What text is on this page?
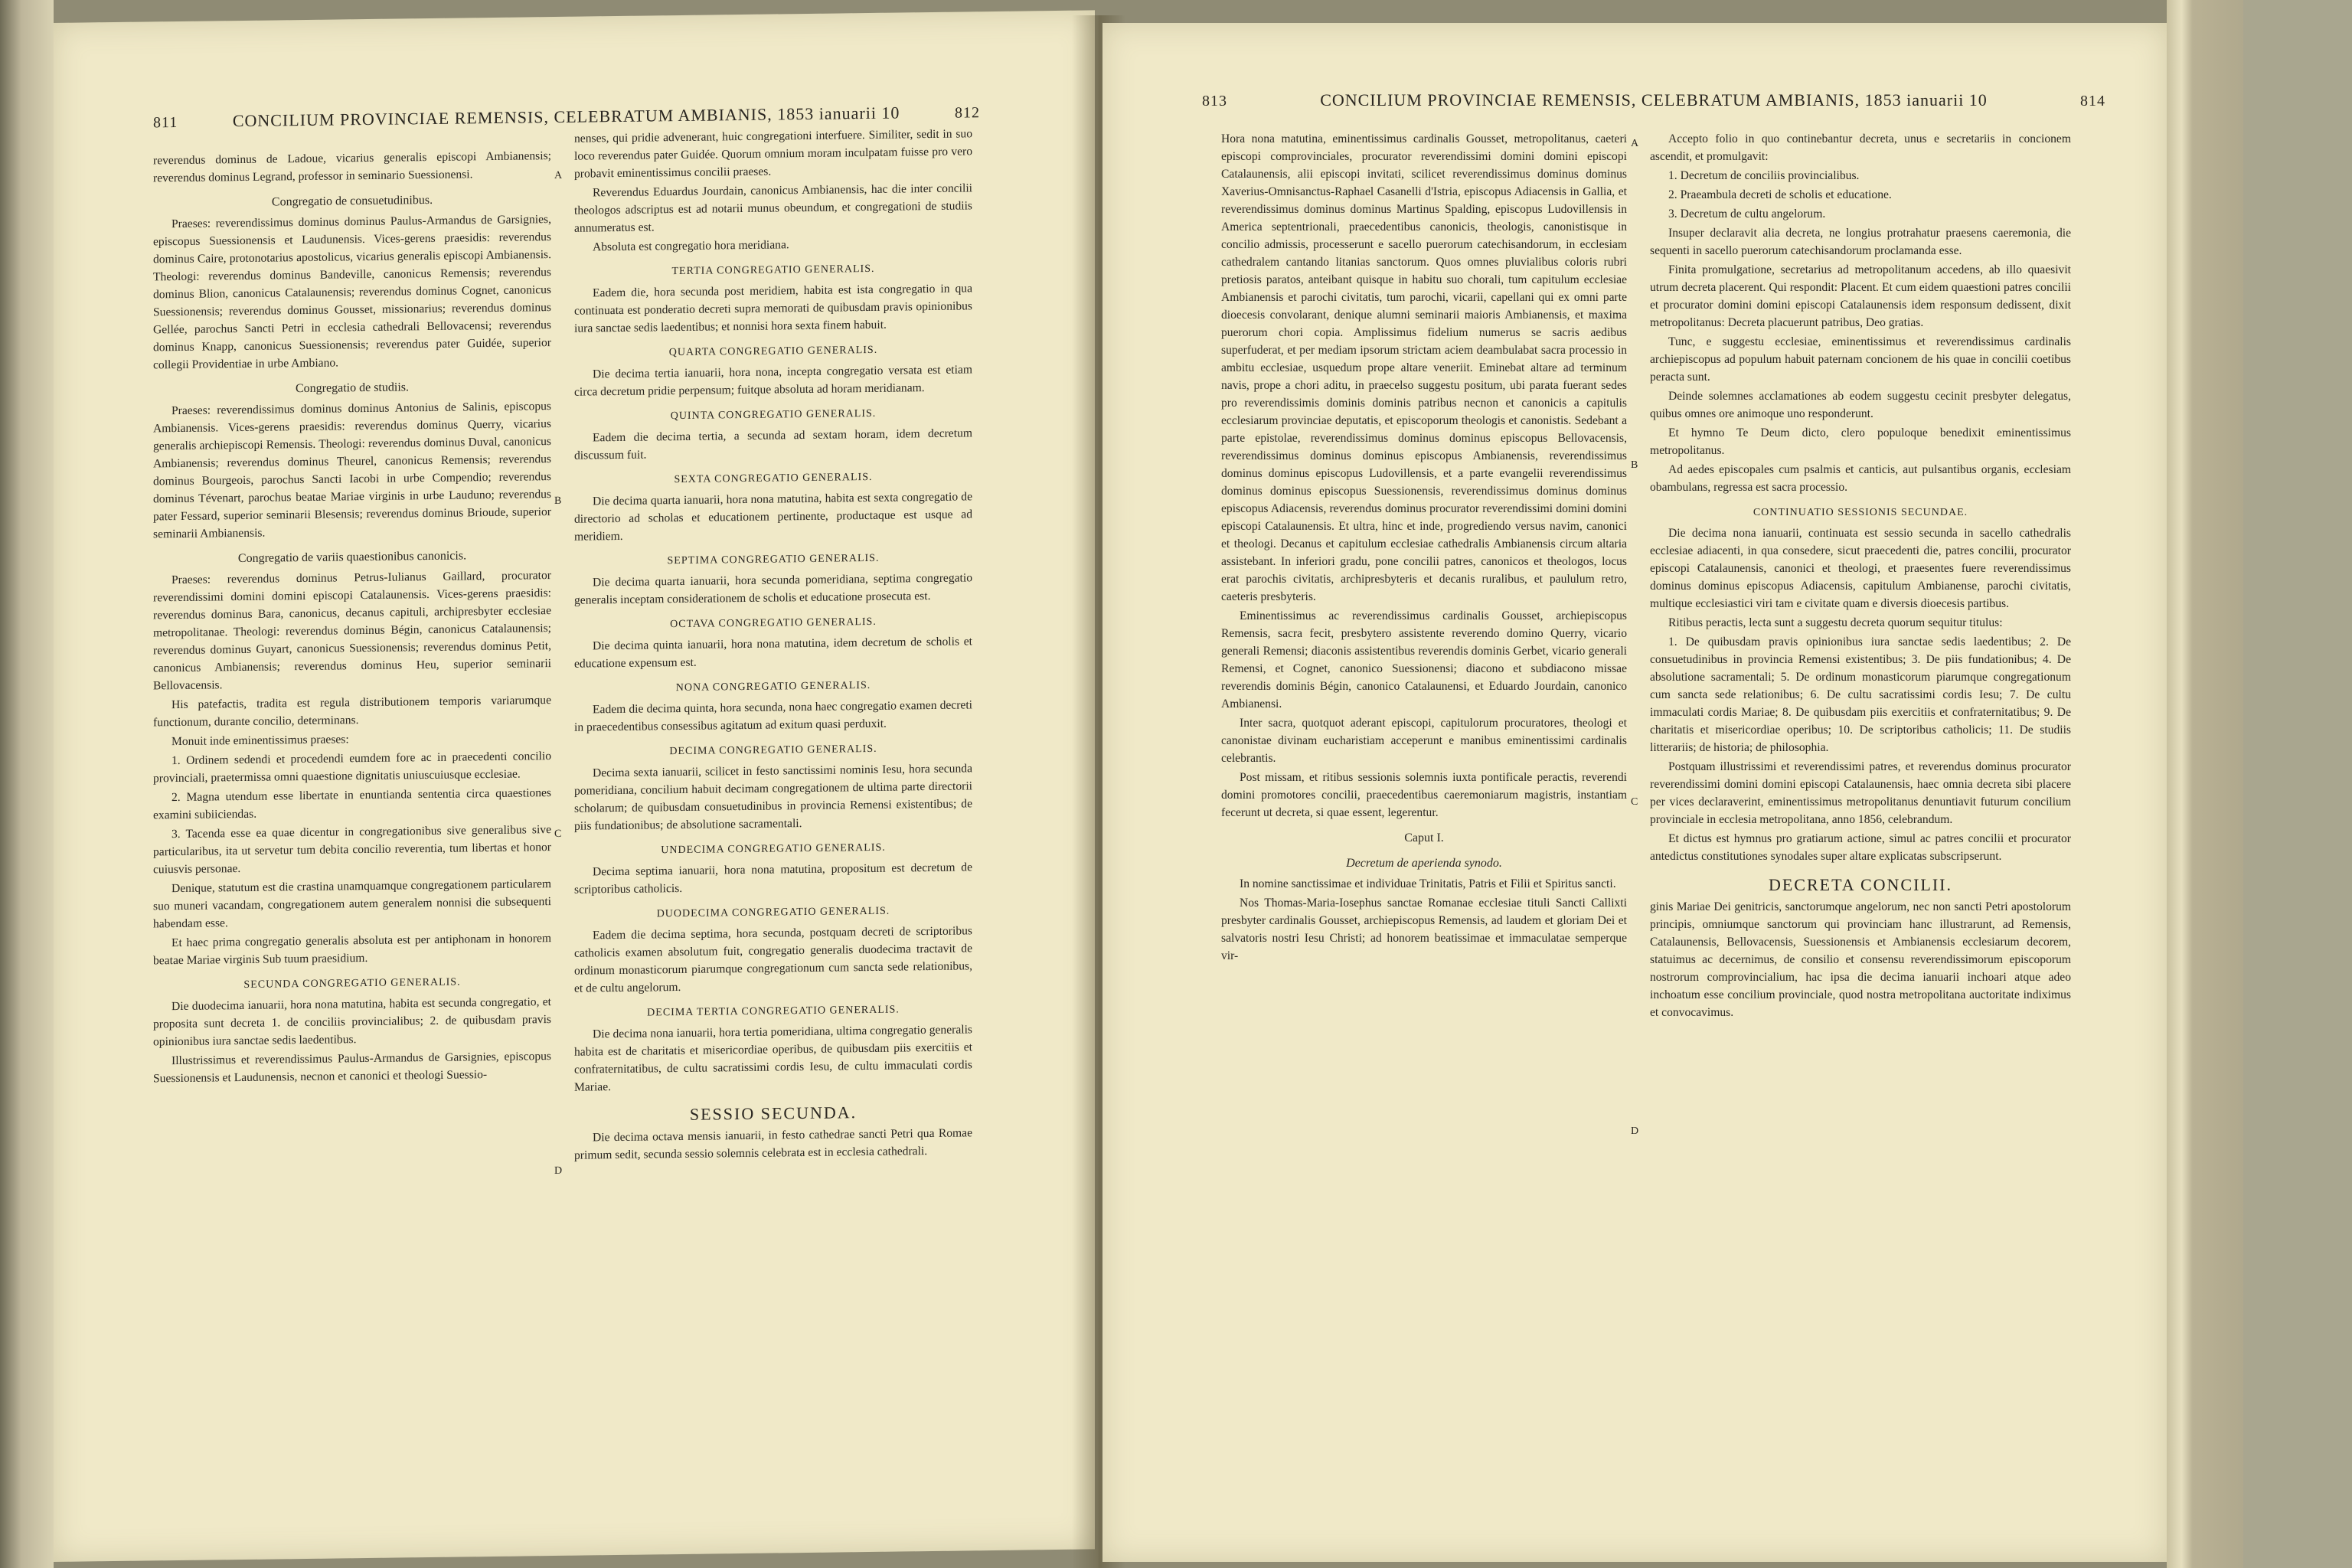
811	CONCILIUM PROVINCIAE REMENSIS, CELEBRATUM AMBIANIS, 1853 ianuarii 10	812

reverendus dominus de Ladoue, vicarius generalis episcopi Ambianensis; reverendus dominus Legrand, professor in seminario Suessionensi.

Congregatio de consuetudinibus.

Praeses: reverendissimus dominus dominus Paulus-Armandus de Garsignies, episcopus Suessionensis et Laudunensis. Vices-gerens praesidis: reverendus dominus Caire, protonotarius apostolicus, vicarius generalis episcopi Ambianensis. Theologi: reverendus dominus Bandeville, canonicus Remensis; reverendus dominus Blion, canonicus Catalaunensis; reverendus dominus Cognet, canonicus Suessionensis; reverendus dominus Gousset, missionarius; reverendus dominus Gellée, parochus Sancti Petri in ecclesia cathedrali Bellovacensi; reverendus dominus Knapp, canonicus Suessionensis; reverendus pater Guidée, superior collegii Providentiae in urbe Ambiano.

Congregatio de studiis.

Praeses: reverendissimus dominus dominus Antonius de Salinis, episcopus Ambianensis. Vices-gerens praesidis: reverendus dominus Querry, vicarius generalis archiepiscopi Remensis. Theologi: reverendus dominus Duval, canonicus Ambianensis; reverendus dominus Theurel, canonicus Remensis; reverendus dominus Bourgeois, parochus Sancti Iacobi in urbe Compendio; reverendus dominus Tévenart, parochus beatae Mariae virginis in urbe Lauduno; reverendus pater Fessard, superior seminarii Blesensis; reverendus dominus Brioude, superior seminarii Ambianensis.

Congregatio de variis quaestionibus canonicis.

Praeses: reverendus dominus Petrus-Iulianus Gaillard, procurator reverendissimi domini domini episcopi Catalaunensis. Vices-gerens praesidis: reverendus dominus Bara, canonicus, decanus capituli, archipresbyter ecclesiae metropolitanae. Theologi: reverendus dominus Bégin, canonicus Catalaunensis; reverendus dominus Guyart, canonicus Suessionensis; reverendus dominus Petit, canonicus Ambianensis; reverendus dominus Heu, superior seminarii Bellovacensis.

His patefactis, tradita est regula distributionem temporis variarumque functionum, durante concilio, determinans.

Monuit inde eminentissimus praeses:

1. Ordinem sedendi et procedendi eumdem fore ac in praecedenti concilio provinciali, praetermissa omni quaestione dignitatis uniuscuiusque ecclesiae.

2. Magna utendum esse libertate in enuntianda sententia circa quaestiones examini subiiciendas.

3. Tacenda esse ea quae dicentur in congregationibus sive generalibus sive particularibus, ita ut servetur tum debita concilio reverentia, tum libertas et honor cuiusvis personae.

Denique, statutum est die crastina unamquamque congregationem particularem suo muneri vacandam, congregationem autem generalem nonnisi die subsequenti habendam esse.

Et haec prima congregatio generalis absoluta est per antiphonam in honorem beatae Mariae virginis Sub tuum praesidium.

SECUNDA CONGREGATIO GENERALIS.

Die duodecima ianuarii, hora nona matutina, habita est secunda congregatio, et proposita sunt decreta 1. de conciliis provincialibus; 2. de quibusdam pravis opinionibus iura sanctae sedis laedentibus.

Illustrissimus et reverendissimus Paulus-Armandus de Garsignies, episcopus Suessionensis et Laudunensis, necnon et canonici et theologi Suessio-

nenses, qui pridie advenerant, huic congregationi interfuere. Similiter, sedit in suo loco reverendus pater Guidée. Quorum omnium moram inculpatam fuisse pro vero probavit eminentissimus concilii praeses.

Reverendus Eduardus Jourdain, canonicus Ambianensis, hac die inter concilii theologos adscriptus est ad notarii munus obeundum, et congregationi de studiis annumeratus est.

Absoluta est congregatio hora meridiana.

TERTIA CONGREGATIO GENERALIS.

Eadem die, hora secunda post meridiem, habita est ista congregatio in qua continuata est ponderatio decreti supra memorati de quibusdam pravis opinionibus iura sanctae sedis laedentibus; et nonnisi hora sexta finem habuit.

QUARTA CONGREGATIO GENERALIS.

Die decima tertia ianuarii, hora nona, incepta congregatio versata est etiam circa decretum pridie perpensum; fuitque absoluta ad horam meridianam.

QUINTA CONGREGATIO GENERALIS.

Eadem die decima tertia, a secunda ad sextam horam, idem decretum discussum fuit.

SEXTA CONGREGATIO GENERALIS.

Die decima quarta ianuarii, hora nona matutina, habita est sexta congregatio de directorio ad scholas et educationem pertinente, productaque est usque ad meridiem.

SEPTIMA CONGREGATIO GENERALIS.

Die decima quarta ianuarii, hora secunda pomeridiana, septima congregatio generalis inceptam considerationem de scholis et educatione prosecuta est.

OCTAVA CONGREGATIO GENERALIS.

Die decima quinta ianuarii, hora nona matutina, idem decretum de scholis et educatione expensum est.

NONA CONGREGATIO GENERALIS.

Eadem die decima quinta, hora secunda, nona haec congregatio examen decreti in praecedentibus consessibus agitatum ad exitum quasi perduxit.

DECIMA CONGREGATIO GENERALIS.

Decima sexta ianuarii, scilicet in festo sanctissimi nominis Iesu, hora secunda pomeridiana, concilium habuit decimam congregationem de ultima parte directorii scholarum; de quibusdam consuetudinibus in provincia Remensi existentibus; de piis fundationibus; de absolutione sacramentali.

UNDECIMA CONGREGATIO GENERALIS.

Decima septima ianuarii, hora nona matutina, propositum est decretum de scriptoribus catholicis.

DUODECIMA CONGREGATIO GENERALIS.

Eadem die decima septima, hora secunda, postquam decreti de scriptoribus catholicis examen absolutum fuit, congregatio generalis duodecima tractavit de ordinum monasticorum piarumque congregationum cum sancta sede relationibus, et de cultu angelorum.

DECIMA TERTIA CONGREGATIO GENERALIS.

Die decima nona ianuarii, hora tertia pomeridiana, ultima congregatio generalis habita est de charitatis et misericordiae operibus, de quibusdam piis exercitiis et confraternitatibus, de cultu sacratissimi cordis Iesu, de cultu immaculati cordis Mariae.

SESSIO SECUNDA.

Die decima octava mensis ianuarii, in festo cathedrae sancti Petri qua Romae primum sedit, secunda sessio solemnis celebrata est in ecclesia cathedrali.

A
B
C
D
813	CONCILIUM PROVINCIAE REMENSIS, CELEBRATUM AMBIANIS, 1853 ianuarii 10	814

Hora nona matutina, eminentissimus cardinalis Gousset, metropolitanus, caeteri episcopi comprovinciales, procurator reverendissimi domini domini episcopi Catalaunensis, alii episcopi invitati, scilicet reverendissimus dominus dominus Xaverius-Omnisanctus-Raphael Casanelli d'Istria, episcopus Adiacensis in Gallia, et reverendissimus dominus dominus Martinus Spalding, episcopus Ludovillensis in America septentrionali, praecedentibus canonicis, theologis, canonistisque in concilio admissis, processerunt e sacello puerorum catechisandorum, in ecclesiam cathedralem cantando litanias sanctorum. Quos omnes pluvialibus coloris rubri pretiosis paratos, anteibant quisque in habitu suo chorali, tum capitulum ecclesiae Ambianensis et parochi civitatis, tum parochi, vicarii, capellani qui ex omni parte dioecesis convolarant, denique alumni seminarii maioris Ambianensis, et maxima puerorum chori copia. Amplissimus fidelium numerus se sacris aedibus superfuderat, et per mediam ipsorum strictam aciem deambulabat sacra processio in ambitu ecclesiae, usquedum prope altare veneriit. Eminebat altare ad terminum navis, prope a chori aditu, in praecelso suggestu positum, ubi parata fuerant sedes pro reverendissimis dominis dominis patribus necnon et canonicis a capitulis ecclesiarum provinciae deputatis, et episcoporum theologis et canonistis. Sedebant a parte epistolae, reverendissimus dominus dominus episcopus Bellovacensis, reverendissimus dominus dominus episcopus Ambianensis, reverendissimus dominus dominus episcopus Ludovillensis, et a parte evangelii reverendissimus dominus dominus episcopus Suessionensis, reverendissimus dominus dominus episcopus Adiacensis, reverendus dominus procurator reverendissimi domini domini episcopi Catalaunensis. Et ultra, hinc et inde, progrediendo versus navim, canonici et theologi. Decanus et capitulum ecclesiae cathedralis Ambianensis circum altaria assistebant. In inferiori gradu, pone concilii patres, canonicos et theologos, locus erat parochis civitatis, archipresbyteris et decanis ruralibus, et paululum retro, caeteris presbyteris.

Eminentissimus ac reverendissimus cardinalis Gousset, archiepiscopus Remensis, sacra fecit, presbytero assistente reverendo domino Querry, vicario generali Remensi; diaconis assistentibus reverendis dominis Gerbet, vicario generali Remensi, et Cognet, canonico Suessionensi; diacono et subdiacono missae reverendis dominis Bégin, canonico Catalaunensi, et Eduardo Jourdain, canonico Ambianensi.

Inter sacra, quotquot aderant episcopi, capitulorum procuratores, theologi et canonistae divinam eucharistiam acceperunt e manibus eminentissimi cardinalis celebrantis.

Post missam, et ritibus sessionis solemnis iuxta pontificale peractis, reverendi domini promotores concilii, praecedentibus caeremoniarum magistris, instantiam fecerunt ut decreta, si quae essent, legerentur.

Caput I.
Decretum de aperienda synodo.

In nomine sanctissimae et individuae Trinitatis, Patris et Filii et Spiritus sancti.

Nos Thomas-Maria-Iosephus sanctae Romanae ecclesiae tituli Sancti Callixti presbyter cardinalis Gousset, archiepiscopus Remensis, ad laudem et gloriam Dei et salvatoris nostri Iesu Christi; ad honorem beatissimae et immaculatae semperque vir-

Accepto folio in quo continebantur decreta, unus e secretariis in concionem ascendit, et promulgavit:

1. Decretum de conciliis provincialibus.

2. Praeambula decreti de scholis et educatione.

3. Decretum de cultu angelorum.

Insuper declaravit alia decreta, ne longius protrahatur praesens caeremonia, die sequenti in sacello puerorum catechisandorum proclamanda esse.

Finita promulgatione, secretarius ad metropolitanum accedens, ab illo quaesivit utrum decreta placerent. Qui respondit: Placent. Et cum eidem quaestioni patres concilii et procurator domini domini episcopi Catalaunensis idem responsum dedissent, dixit metropolitanus: Decreta placuerunt patribus, Deo gratias.

Tunc, e suggestu ecclesiae, eminentissimus et reverendissimus cardinalis archiepiscopus ad populum habuit paternam concionem de his quae in concilii coetibus peracta sunt.

Deinde solemnes acclamationes ab eodem suggestu cecinit presbyter delegatus, quibus omnes ore animoque uno responderunt.

Et hymno Te Deum dicto, clero populoque benedixit eminentissimus metropolitanus.

Ad aedes episcopales cum psalmis et canticis, aut pulsantibus organis, ecclesiam obambulans, regressa est sacra processio.

CONTINUATIO SESSIONIS SECUNDAE.

Die decima nona ianuarii, continuata est sessio secunda in sacello cathedralis ecclesiae adiacenti, in qua consedere, sicut praecedenti die, patres concilii, procurator episcopi Catalaunensis, canonici et theologi, et praesentes fuere reverendissimus dominus dominus episcopus Adiacensis, capitulum Ambianense, parochi civitatis, multique ecclesiastici viri tam e civitate quam e diversis dioecesis partibus.

Ritibus peractis, lecta sunt a suggestu decreta quorum sequitur titulus:

1. De quibusdam pravis opinionibus iura sanctae sedis laedentibus; 2. De consuetudinibus in provincia Remensi existentibus; 3. De piis fundationibus; 4. De absolutione sacramentali; 5. De ordinum monasticorum piarumque congregationum cum sancta sede relationibus; 6. De cultu sacratissimi cordis Iesu; 7. De cultu immaculati cordis Mariae; 8. De quibusdam piis exercitiis et confraternitatibus; 9. De charitatis et misericordiae operibus; 10. De scriptoribus catholicis; 11. De studiis litterariis; de historia; de philosophia.

Postquam illustrissimi et reverendissimi patres, et reverendus dominus procurator reverendissimi domini domini episcopi Catalaunensis, haec omnia decreta sibi placere per vices declaraverint, eminentissimus metropolitanus denuntiavit futurum concilium provinciale in ecclesia metropolitana, anno 1856, celebrandum.

Et dictus est hymnus pro gratiarum actione, simul ac patres concilii et procurator antedictus constitutiones synodales super altare explicatas subscripserunt.

DECRETA CONCILII.

ginis Mariae Dei genitricis, sanctorumque angelorum, nec non sancti Petri apostolorum principis, omniumque sanctorum qui provinciam hanc illustrarunt, ad Remensis, Catalaunensis, Bellovacensis, Suessionensis et Ambianensis ecclesiarum decorem, statuimus ac decernimus, de consilio et consensu reverendissimorum episcoporum nostrorum comprovincialium, hac ipsa die decima ianuarii inchoari atque adeo inchoatum esse concilium provinciale, quod nostra metropolitana auctoritate indiximus et convocavimus.

A
B
C
D
